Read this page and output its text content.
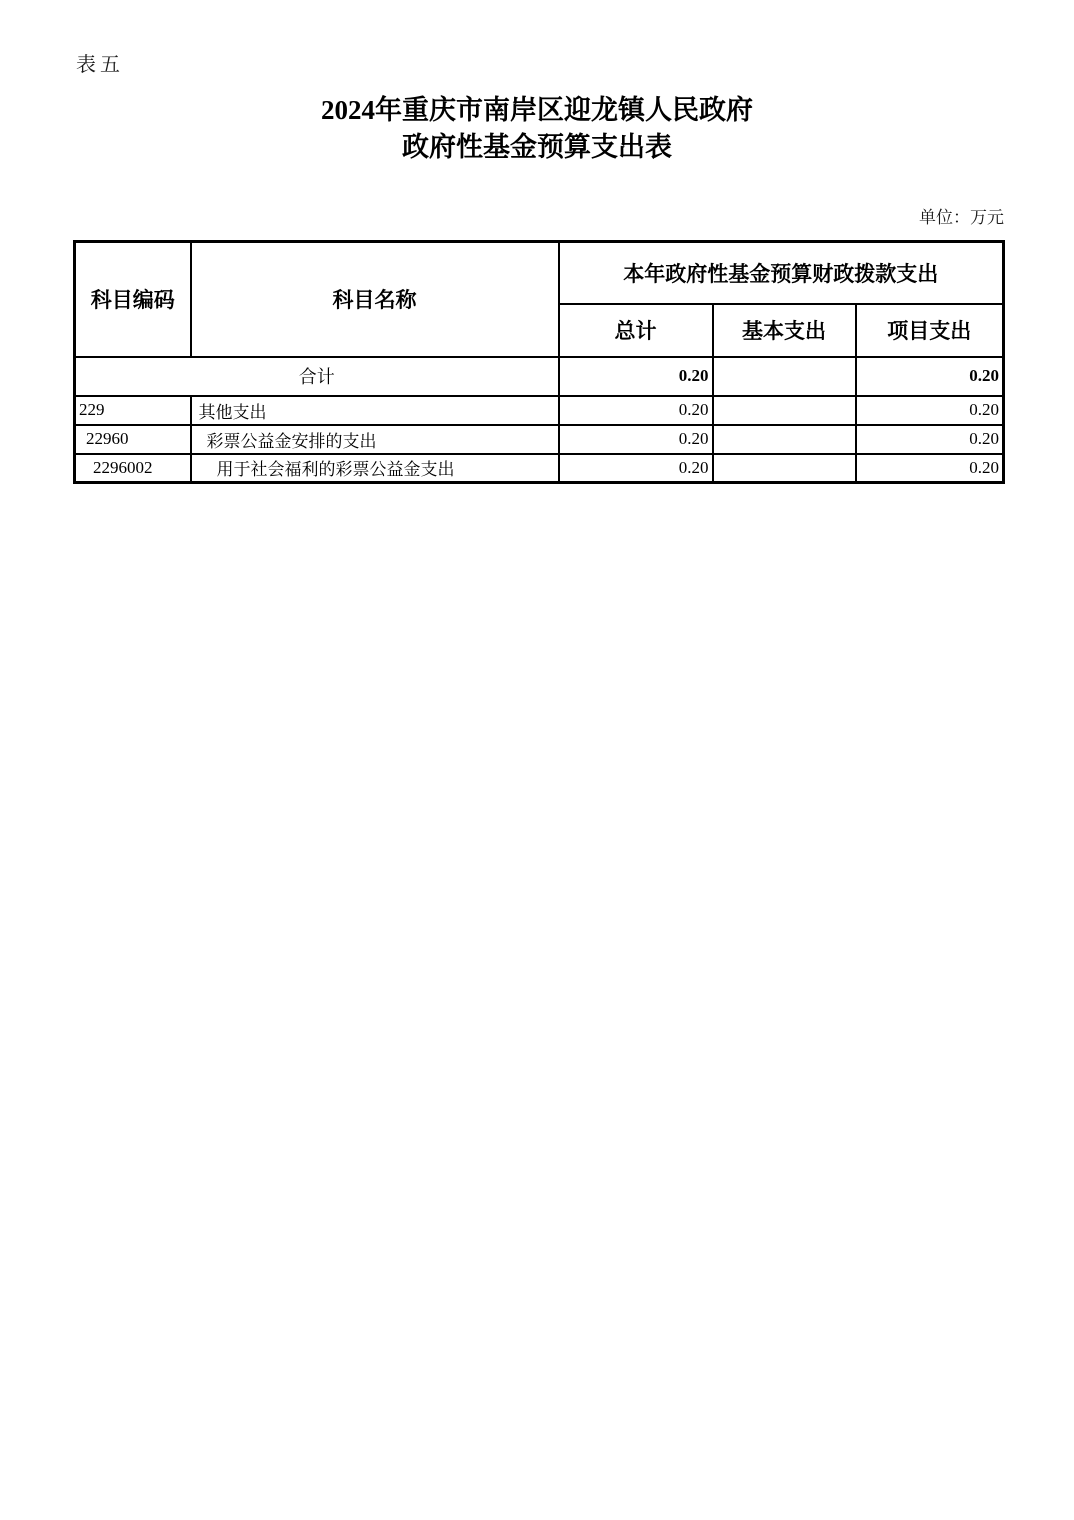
表五
2024年重庆市南岸区迎龙镇人民政府
政府性基金预算支出表
单位：万元
科目编码	科目名称	本年政府性基金预算财政拨款支出		
		总计	基本支出	项目支出
合计		0.20		0.20
229	其他支出	0.20		0.20
22960	彩票公益金安排的支出	0.20		0.20
2296002	用于社会福利的彩票公益金支出	0.20		0.20
